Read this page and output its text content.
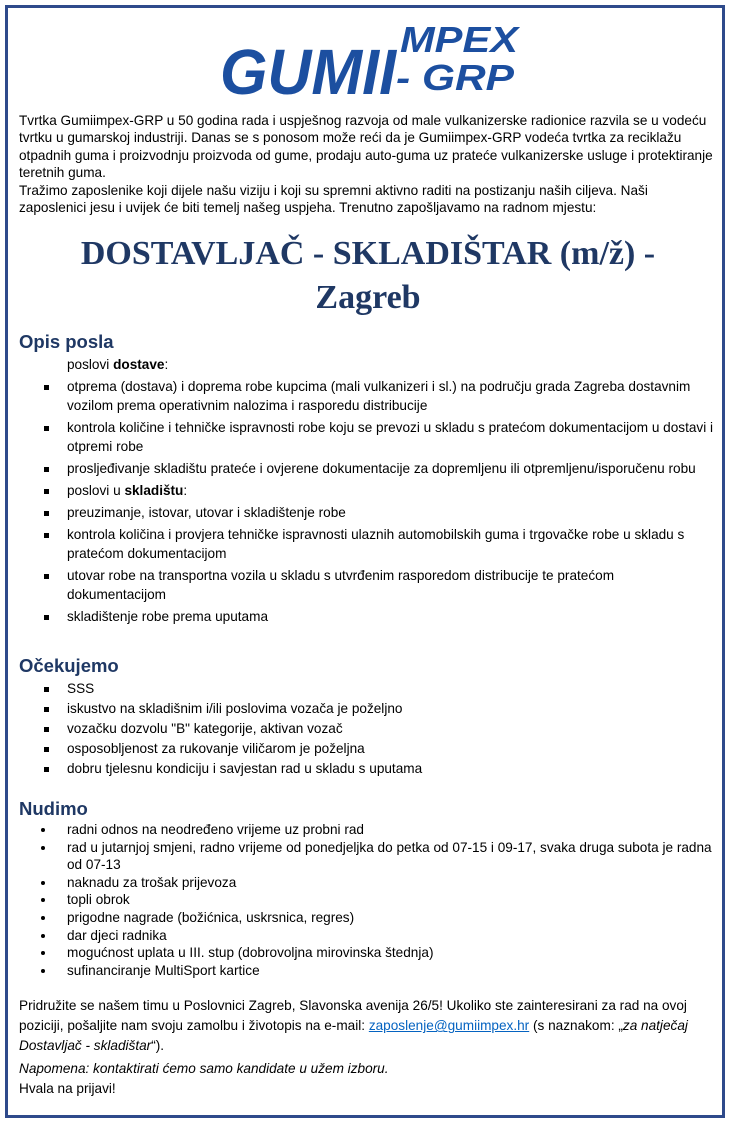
GUMII MPEX
- GRP

Tvrtka Gumiimpex-GRP u 50 godina rada i uspješnog razvoja od male vulkanizerske radionice razvila se u vodeću tvrtku u gumarskoj industriji. Danas se s ponosom može reći da je Gumiimpex-GRP vodeća tvrtka za reciklažu otpadnih guma i proizvodnju proizvoda od gume, prodaju auto-guma uz prateće vulkanizerske usluge i protektiranje teretnih guma.

Tražimo zaposlenike koji dijele našu viziju i koji su spremni aktivno raditi na postizanju naših ciljeva. Naši zaposlenici jesu i uvijek će biti temelj našeg uspjeha. Trenutno zapošljavamo na radnom mjestu:

DOSTAVLJAČ - SKLADIŠTAR (m/ž) -
Zagreb
Opis posla
poslovi dostave:
otprema (dostava) i doprema robe kupcima (mali vulkanizeri i sl.) na području grada Zagreba dostavnim vozilom prema operativnim nalozima i rasporedu distribucije
kontrola količine i tehničke ispravnosti robe koju se prevozi u skladu s pratećom dokumentacijom u dostavi i otpremi robe
prosljeđivanje skladištu prateće i ovjerene dokumentacije za dopremljenu ili otpremljenu/isporučenu robu
poslovi u skladištu:
preuzimanje, istovar, utovar i skladištenje robe
kontrola količina i provjera tehničke ispravnosti ulaznih automobilskih guma i trgovačke robe u skladu s pratećom dokumentacijom
utovar robe na transportna vozila u skladu s utvrđenim rasporedom distribucije te pratećom dokumentacijom
skladištenje robe prema uputama
Očekujemo
SSS
iskustvo na skladišnim i/ili poslovima vozača je poželjno
vozačku dozvolu "B" kategorije, aktivan vozač
osposobljenost za rukovanje viličarom je poželjna
dobru tjelesnu kondiciju i savjestan rad u skladu s uputama
Nudimo
radni odnos na neodređeno vrijeme uz probni rad
rad u jutarnjoj smjeni, radno vrijeme od ponedjeljka do petka od 07-15 i 09-17, svaka druga subota je radna od 07-13
naknadu za trošak prijevoza
topli obrok
prigodne nagrade (božićnica, uskrsnica, regres)
dar djeci radnika
mogućnost uplata u III. stup (dobrovoljna mirovinska štednja)
sufinanciranje MultiSport kartice

Pridružite se našem timu u Poslovnici Zagreb, Slavonska avenija 26/5! Ukoliko ste zainteresirani za rad na ovoj poziciji, pošaljite nam svoju zamolbu i životopis na e-mail: zaposlenje@gumiimpex.hr (s naznakom: „za natječaj Dostavljač - skladištar“).

Napomena: kontaktirati ćemo samo kandidate u užem izboru.

Hvala na prijavi!
